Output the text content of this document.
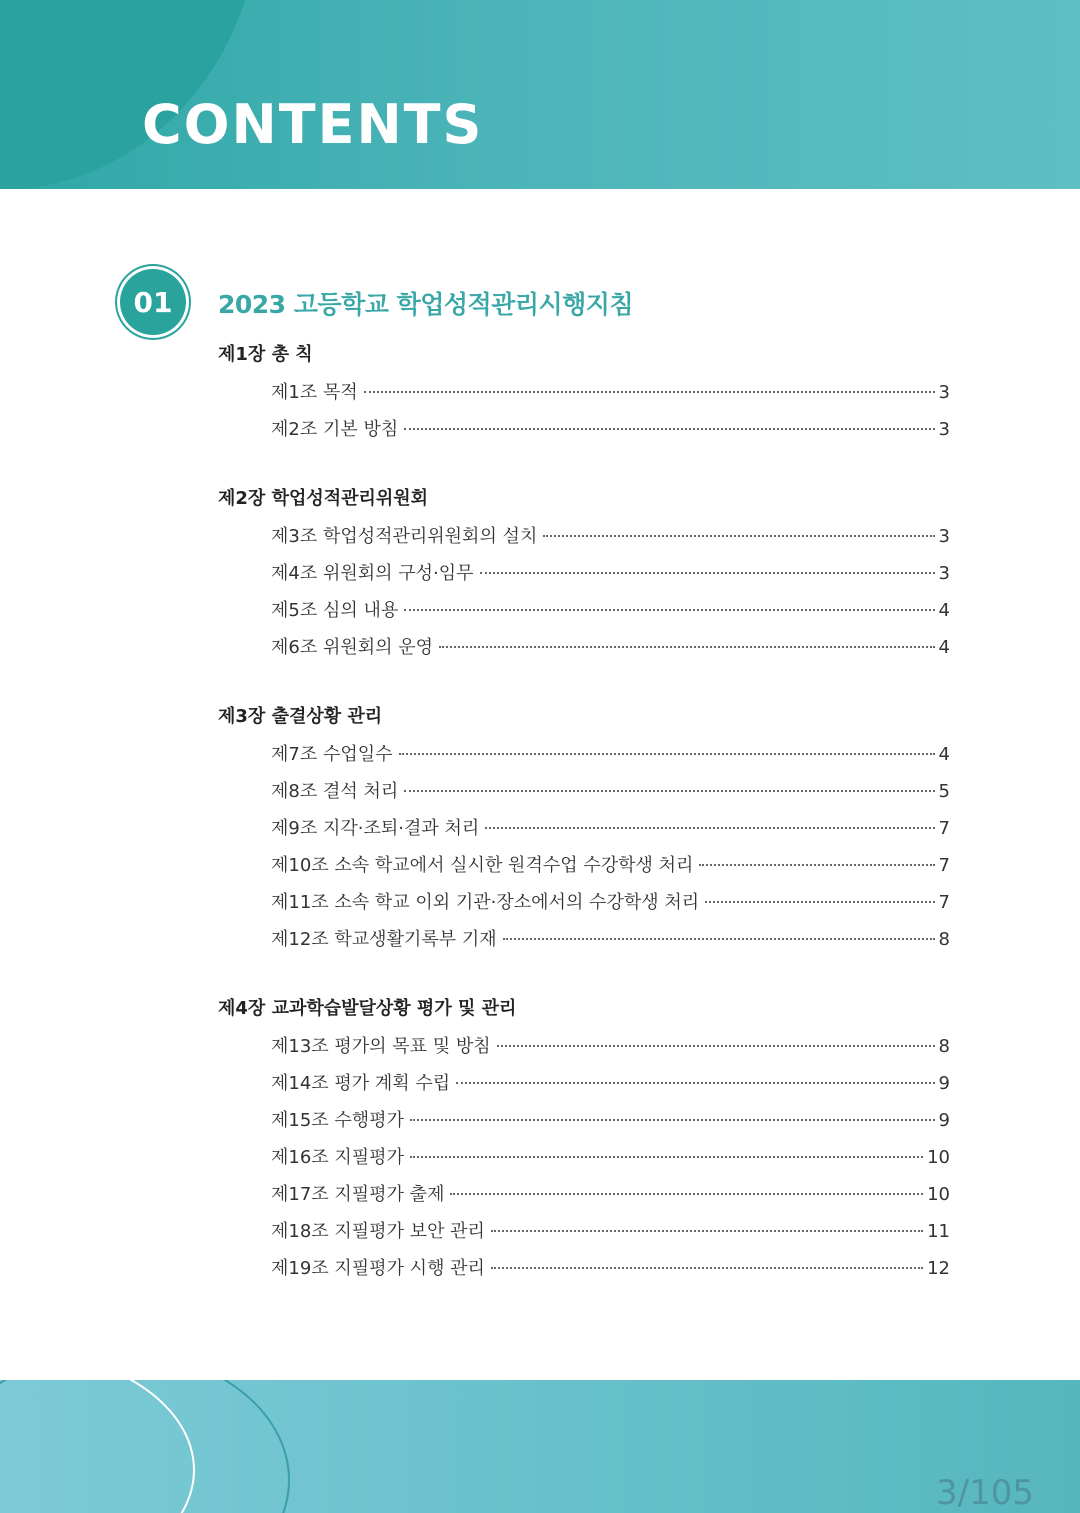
CONTENTS
01	2023 고등학교 학업성적관리시행지침
제1장 총 칙
제1조 목적	3
제2조 기본 방침	3
제2장 학업성적관리위원회
제3조 학업성적관리위원회의 설치	3
제4조 위원회의 구성·임무	3
제5조 심의 내용	4
제6조 위원회의 운영	4
제3장 출결상황 관리
제7조 수업일수	4
제8조 결석 처리	5
제9조 지각·조퇴·결과 처리	7
제10조 소속 학교에서 실시한 원격수업 수강학생 처리	7
제11조 소속 학교 이외 기관·장소에서의 수강학생 처리	7
제12조 학교생활기록부 기재	8
제4장 교과학습발달상황 평가 및 관리
제13조 평가의 목표 및 방침	8
제14조 평가 계획 수립	9
제15조 수행평가	9
제16조 지필평가	10
제17조 지필평가 출제	10
제18조 지필평가 보안 관리	11
제19조 지필평가 시행 관리	12
3/105
